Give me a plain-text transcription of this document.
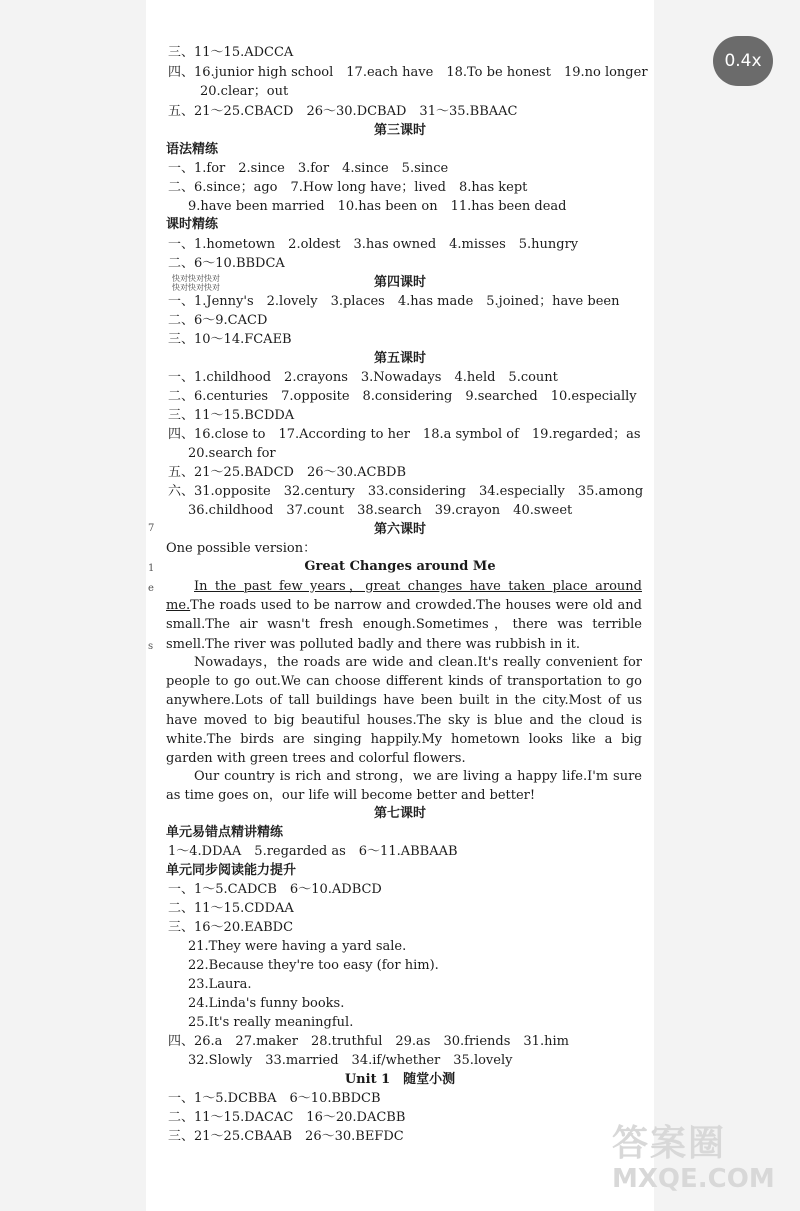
0.4x
三、11～15.ADCCA
四、16.junior high school　17.each have　18.To be honest　19.no longer
20.clear；out
五、21～25.CBACD　26～30.DCBAD　31～35.BBAAC
第三课时
语法精练
一、1.for　2.since　3.for　4.since　5.since
二、6.since；ago　7.How long have；lived　8.has kept
9.have been married　10.has been on　11.has been dead
课时精练
一、1.hometown　2.oldest　3.has owned　4.misses　5.hungry
二、6～10.BBDCA
第四课时
快对快对快对
快对快对快对
一、1.Jenny's　2.lovely　3.places　4.has made　5.joined；have been
二、6～9.CACD
三、10～14.FCAEB
第五课时
一、1.childhood　2.crayons　3.Nowadays　4.held　5.count
二、6.centuries　7.opposite　8.considering　9.searched　10.especially
三、11～15.BCDDA
四、16.close to　17.According to her　18.a symbol of　19.regarded；as
20.search for
五、21～25.BADCD　26～30.ACBDB
六、31.opposite　32.century　33.considering　34.especially　35.among
36.childhood　37.count　38.search　39.crayon　40.sweet
第六课时
One possible version：
Great Changes around Me
In the past few years，great changes have taken place around me.The roads used to be narrow and crowded.The houses were old and small.The air wasn't fresh enough.Sometimes，there was terrible smell.The river was polluted badly and there was rubbish in it.
Nowadays，the roads are wide and clean.It's really convenient for people to go out.We can choose different kinds of transportation to go anywhere.Lots of tall buildings have been built in the city.Most of us have moved to big beautiful houses.The sky is blue and the cloud is white.The birds are singing happily.My hometown looks like a big garden with green trees and colorful flowers.
Our country is rich and strong，we are living a happy life.I'm sure as time goes on，our life will become better and better!
第七课时
单元易错点精讲精练
1～4.DDAA　5.regarded as　6～11.ABBAAB
单元同步阅读能力提升
一、1～5.CADCB　6～10.ADBCD
二、11～15.CDDAA
三、16～20.EABDC
21.They were having a yard sale.
22.Because they're too easy (for him).
23.Laura.
24.Linda's funny books.
25.It's really meaningful.
四、26.a　27.maker　28.truthful　29.as　30.friends　31.him
32.Slowly　33.married　34.if/whether　35.lovely
Unit 1　随堂小测
一、1～5.DCBBA　6～10.BBDCB
二、11～15.DACAC　16～20.DACBB
三、21～25.CBAAB　26～30.BEFDC
7
1
e
s
答案圈
MXQE.COM
